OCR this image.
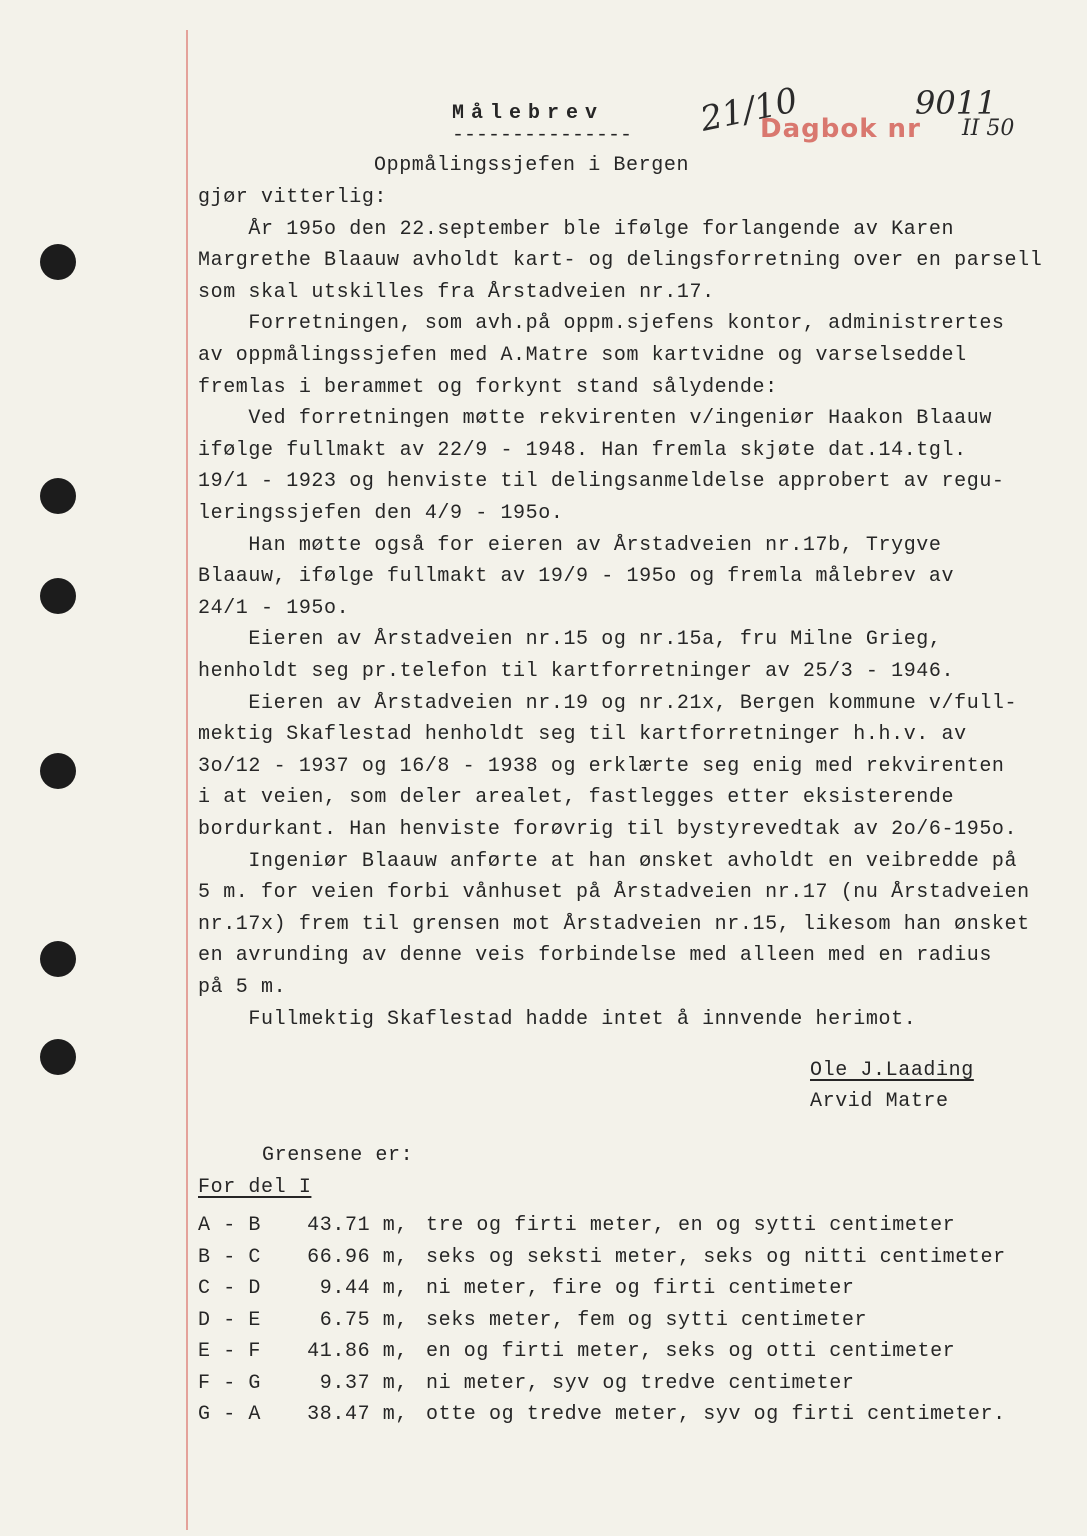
Målebrev
--------------- 21/10
Dagbok nr
9011
II 50
Oppmålingssjefen i Bergen
gjør vitterlig:
År 195o den 22.september ble ifølge forlangende av Karen
Margrethe Blaauw avholdt kart- og delingsforretning over en parsell
som skal utskilles fra Årstadveien nr.17.
Forretningen, som avh.på oppm.sjefens kontor, administrertes
av oppmålingssjefen med A.Matre som kartvidne og varselseddel
fremlas i berammet og forkynt stand sålydende:
Ved forretningen møtte rekvirenten v/ingeniør Haakon Blaauw
ifølge fullmakt av 22/9 - 1948. Han fremla skjøte dat.14.tgl.
19/1 - 1923 og henviste til delingsanmeldelse approbert av regu-
leringssjefen den 4/9 - 195o.
Han møtte også for eieren av Årstadveien nr.17b, Trygve
Blaauw, ifølge fullmakt av 19/9 - 195o og fremla målebrev av
24/1 - 195o.
Eieren av Årstadveien nr.15 og nr.15a, fru Milne Grieg,
henholdt seg pr.telefon til kartforretninger av 25/3 - 1946.
Eieren av Årstadveien nr.19 og nr.21x, Bergen kommune v/full-
mektig Skaflestad henholdt seg til kartforretninger h.h.v. av
3o/12 - 1937 og 16/8 - 1938 og erklærte seg enig med rekvirenten
i at veien, som deler arealet, fastlegges etter eksisterende
bordurkant. Han henviste forøvrig til bystyrevedtak av 2o/6-195o.
Ingeniør Blaauw anførte at han ønsket avholdt en veibredde på
5 m. for veien forbi vånhuset på Årstadveien nr.17 (nu Årstadveien
nr.17x) frem til grensen mot Årstadveien nr.15, likesom han ønsket
en avrunding av denne veis forbindelse med alleen med en radius
på 5 m.
Fullmektig Skaflestad hadde intet å innvende herimot.
Ole J.Laading
Arvid Matre
Grensene er:
For del I
A - B	43.71 m, tre og firti meter, en og sytti centimeter
B - C	66.96 m, seks og seksti meter, seks og nitti centimeter
C - D	9.44 m, ni meter, fire og firti centimeter
D - E	6.75 m, seks meter, fem og sytti centimeter
E - F	41.86 m, en og firti meter, seks og otti centimeter
F - G	9.37 m, ni meter, syv og tredve centimeter
G - A	38.47 m, otte og tredve meter, syv og firti centimeter.
